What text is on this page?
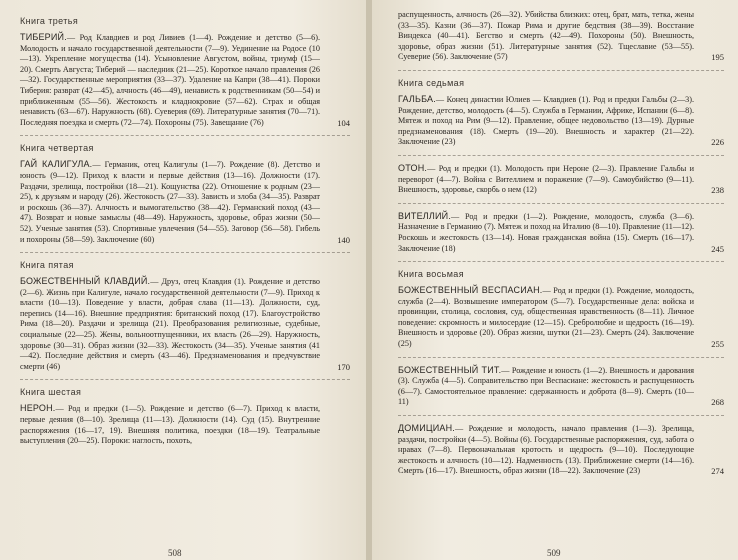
Книга третья
ТИБЕРИЙ.— Род Клавдиев и род Ливиев (1—4). Рождение и детство (5—6). Молодость и начало государственной деятельности (7—9). Уединение на Родосе (10—13). Укрепление могущества (14). Усыновление Августом, войны, триумф (15—20). Смерть Августа; Тиберий — наследник (21—25). Короткое начало правления (26—32). Государственные мероприятия (33—37). Удаление на Капри (38—41). Пороки Тиберия: разврат (42—45), алчность (46—49), ненависть к родственникам (50—54) и приближенным (55—56). Жестокость и кладнокровие (57—62). Страх и общая ненависть (63—67). Наружность (68). Суеверия (69). Литературные занятия (70—71). Последняя поездка и смерть (72—74). Похороны (75). Завещание (76)	104
Книга четвертая
ГАЙ КАЛИГУЛА.— Германик, отец Калигулы (1—7). Рождение (8). Детство и юность (9—12). Приход к власти и первые действия (13—16). Должности (17). Раздачи, зрелища, постройки (18—21). Кощунства (22). Отношение к родным (23—25), к друзьям и народу (26). Жестокость (27—33). Зависть и злоба (34—35). Разврат и роскошь (36—37). Алчность и вымогательство (38—42). Германский поход (43—47). Возврат и новые замыслы (48—49). Наружность, здоровье, образ жизни (50—52). Ученые занятия (53). Спортивные увлечения (54—55). Заговор (56—58). Гибель и похороны (58—59). Заключение (60)	140
Книга пятая
БОЖЕСТВЕННЫЙ КЛАВДИЙ.— Друз, отец Клавдия (1). Рождение и детство (2—6). Жизнь при Калигуле, начало государственной деятельности (7—9). Приход к власти (10—13). Поведение у власти, добрая слава (11—13). Должности, суд, перепись (14—16). Внешние предприятия: британский поход (17). Благоустройство Рима (18—20). Раздачи и зрелища (21). Преобразования религиозные, судебные, социальные (22—25). Жены, вольноотпущенники, их власть (26—29). Наружность, здоровье (30—31). Образ жизни (32—33). Жестокость (34—35). Ученые занятия (41—42). Последние действия и смерть (43—46). Предзнаменования и предчувствие смерти (46)	170
Книга шестая
НЕРОН.— Род и предки (1—5). Рождение и детство (6—7). Приход к власти, первые деяния (8—10). Зрелища (11—13). Должности (14). Суд (15). Внутренние распоряжения (16—17, 19). Внешняя политика, поездки (18—19). Театральные выступления (20—25). Пороки: наглость, похоть,
508
распущенность, алчность (26—32). Убийства близких: отец, брат, мать, тетка, жены (33—35). Казни (36—37). Пожар Рима и другие бедствия (38—39). Восстание Виндекса (40—41). Бегство и смерть (42—49). Похороны (50). Внешность, здоровье, образ жизни (51). Литературные занятия (52). Тщеславие (53—55). Суеверие (56). Заключение (57)	195
Книга седьмая
ГАЛЬБА.— Конец династии Юлиев — Клавдиев (1). Род и предки Гальбы (2—3). Рождение, детство, молодость (4—5). Служба в Германии, Африке, Испании (6—8). Мятеж и поход на Рим (9—12). Правление, общее недовольство (13—19). Дурные предзнаменования (18). Смерть (19—20). Внешность и характер (21—22). Заключение (23)	226
ОТОН.— Род и предки (1). Молодость при Нероне (2—3). Правление Гальбы и переворот (4—7). Война с Вителлием и поражение (7—9). Самоубийство (9—11). Внешность, здоровье, скорбь о нем (12)	238
ВИТЕЛЛИЙ.— Род и предки (1—2). Рождение, молодость, служба (3—6). Назначение в Германию (7). Мятеж и поход на Италию (8—10). Правление (11—12). Роскошь и жестокость (13—14). Новая гражданская война (15). Смерть (16—17). Заключение (18)	245
Книга восьмая
БОЖЕСТВЕННЫЙ ВЕСПАСИАН.— Род и предки (1). Рождение, молодость, служба (2—4). Возвышение императором (5—7). Государственные дела: войска и провинции, столица, сословия, суд, общественная нравственность (8—11). Личное поведение: скромность и милосердие (12—15). Сребролюбие и щедрость (16—19). Внешность и здоровье (20). Образ жизни, шутки (21—23). Смерть (24). Заключение (25)	255
БОЖЕСТВЕННЫЙ ТИТ.— Рождение и юность (1—2). Внешность и дарования (3). Служба (4—5). Соправительство при Веспасиане: жестокость и распущенность (6—7). Самостоятельное правление: сдержанность и доброта (8—9). Смерть (10—11)	268
ДОМИЦИАН.— Рождение и молодость, начало правления (1—3). Зрелища, раздачи, постройки (4—5). Войны (6). Государственные распоряжения, суд, забота о нравах (7—8). Первоначальная кротость и щедрость (9—10). Последующие жестокость и алчность (10—12). Надменность (13). Приближение смерти (14—16). Смерть (16—17). Внешность, образ жизни (18—22). Заключение (23)	274
509
